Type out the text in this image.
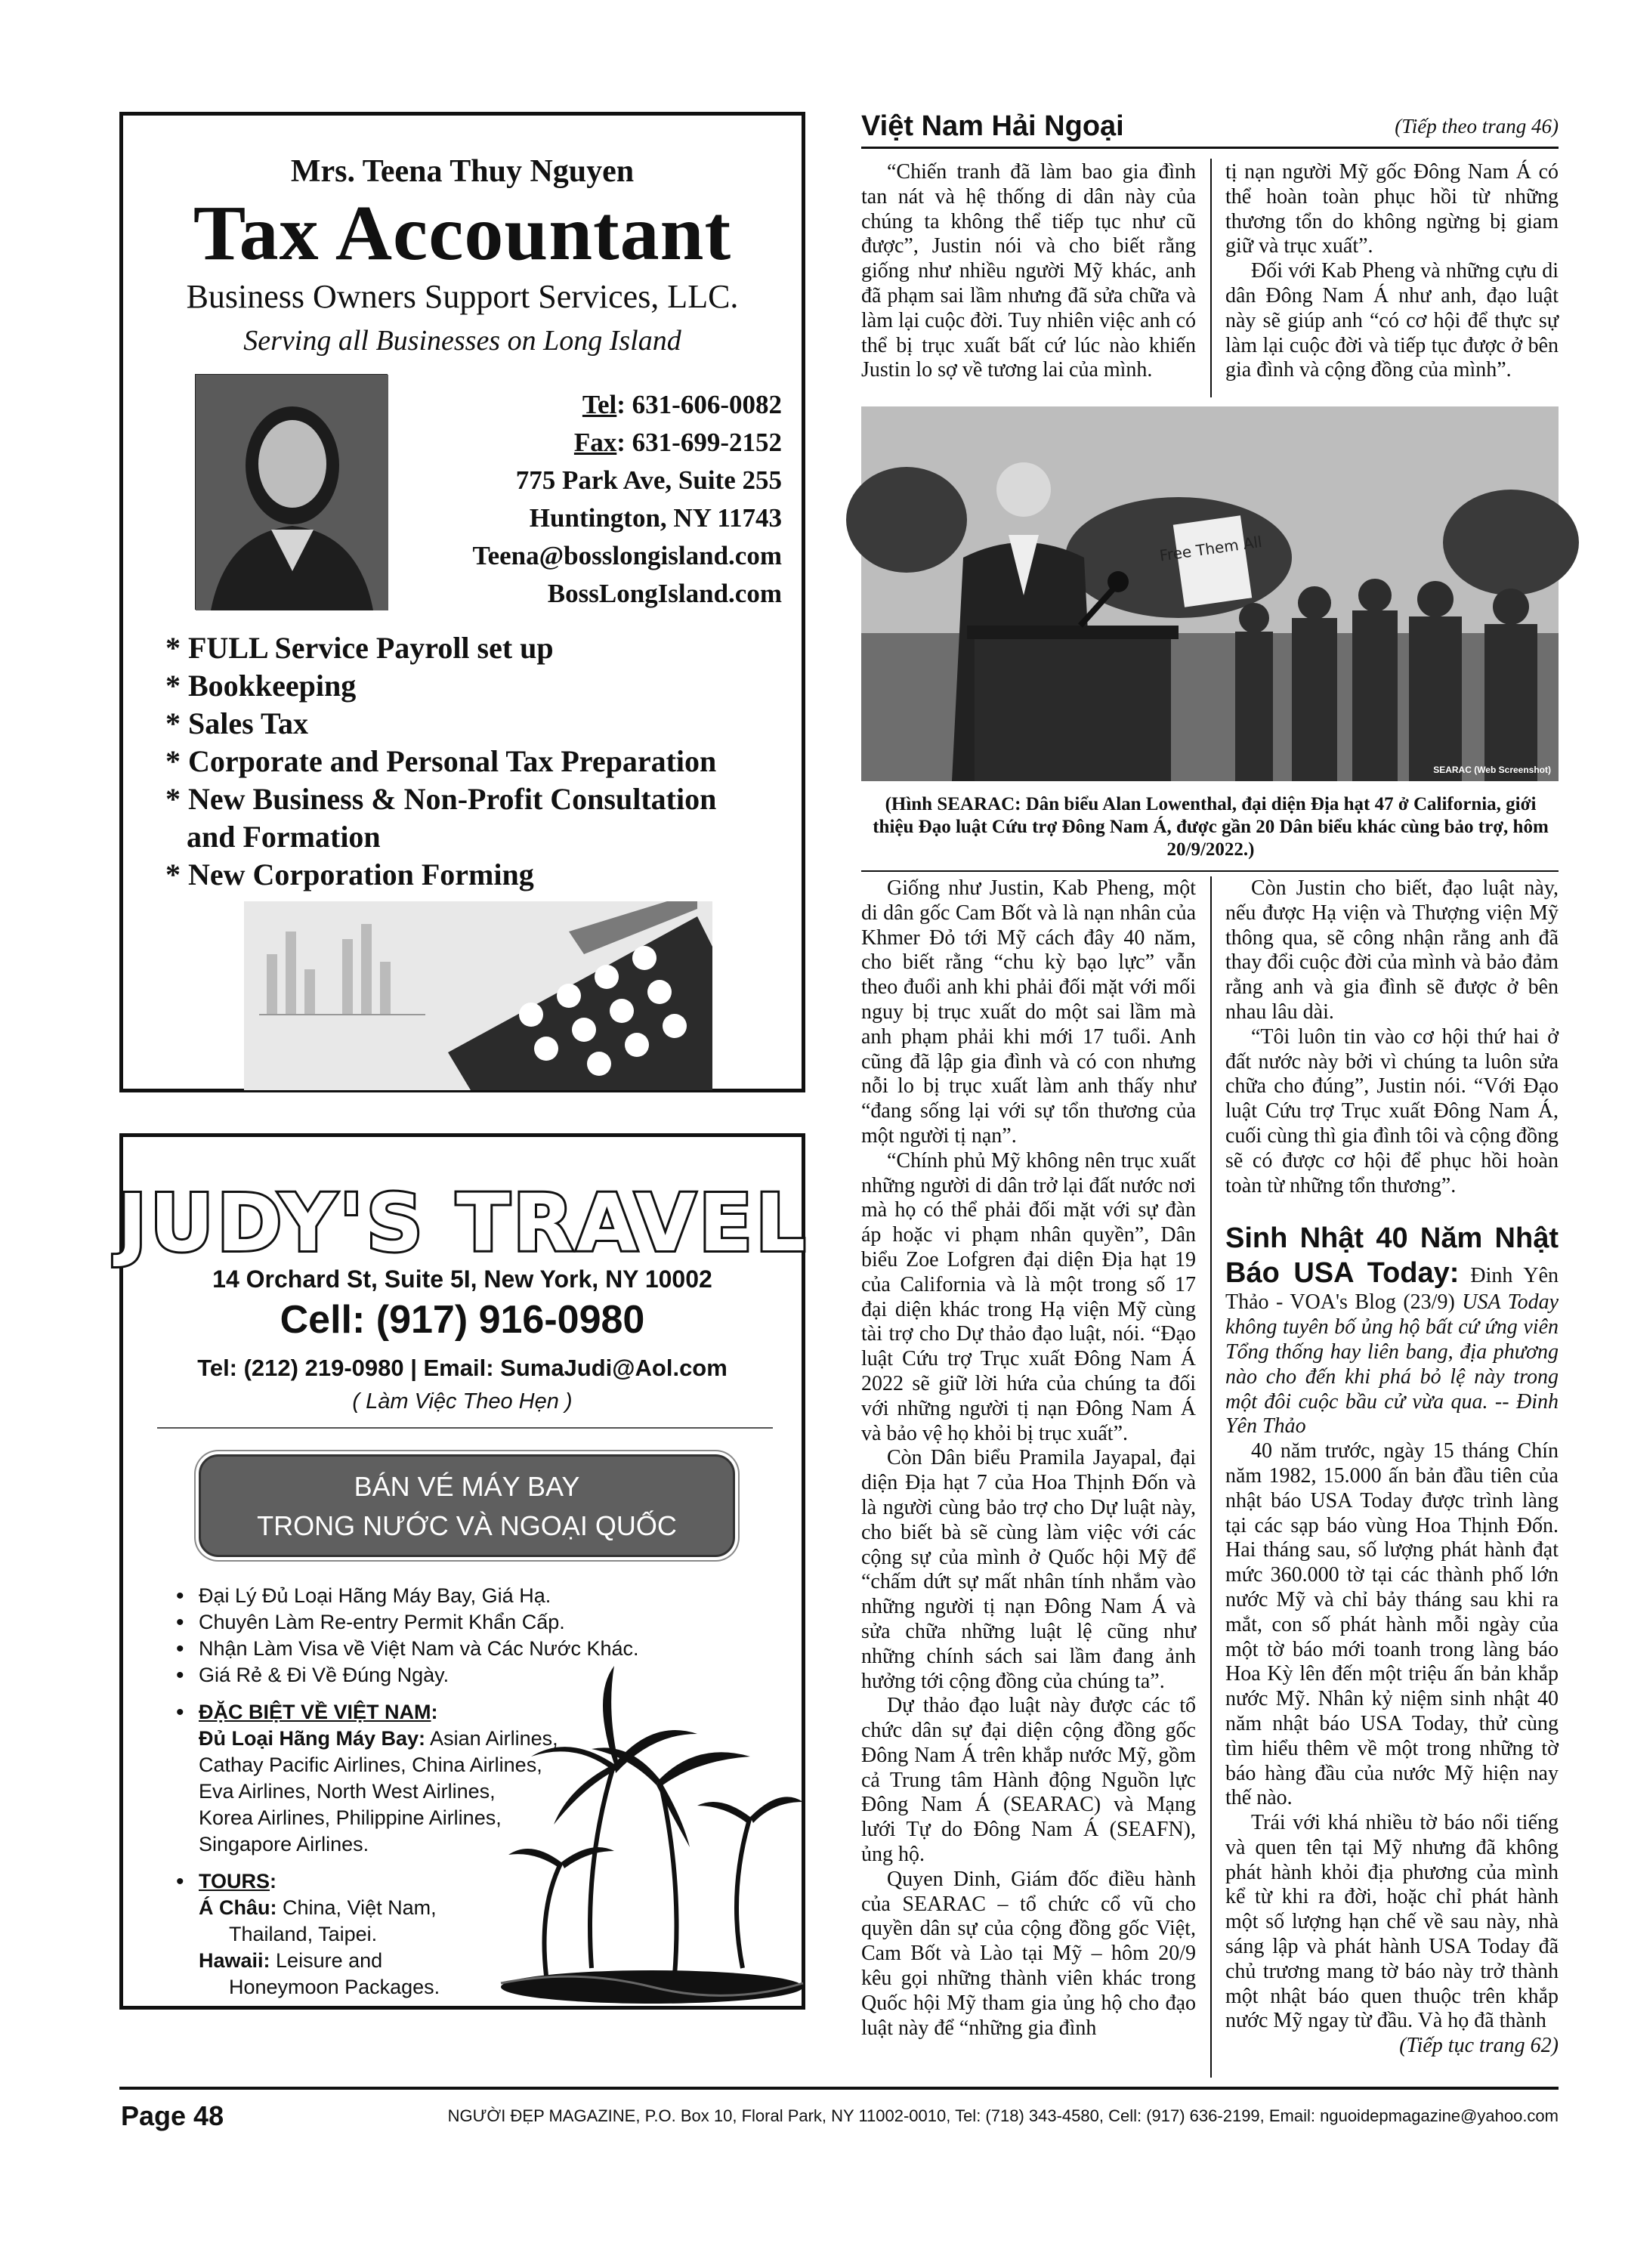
Mrs. Teena Thuy Nguyen
Tax Accountant
Business Owners Support Services, LLC.
Serving all Businesses on Long Island
Tel: 631-606-0082
Fax: 631-699-2152
775 Park Ave, Suite 255
Huntington, NY 11743
Teena@bosslongisland.com
BossLongIsland.com
* FULL Service Payroll set up
* Bookkeeping
* Sales Tax
* Corporate and Personal Tax Preparation
* New Business & Non-Profit Consultation
and Formation
* New Corporation Forming
JUDY'S TRAVEL
14 Orchard St, Suite 5I, New York, NY 10002
Cell: (917) 916-0980
Tel: (212) 219-0980 | Email: SumaJudi@Aol.com
( Làm Việc Theo Hẹn )
BÁN VÉ MÁY BAY
TRONG NƯỚC VÀ NGOẠI QUỐC
• Đại Lý Đủ Loại Hãng Máy Bay, Giá Hạ.
• Chuyên Làm Re-entry Permit Khẩn Cấp.
• Nhận Làm Visa về Việt Nam và Các Nước Khác.
• Giá Rẻ & Đi Về Đúng Ngày.
• ĐẶC BIỆT VỀ VIỆT NAM:
Đủ Loại Hãng Máy Bay: Asian Airlines,
Cathay Pacific Airlines, China Airlines,
Eva Airlines, North West Airlines,
Korea Airlines, Philippine Airlines,
Singapore Airlines.
• TOURS:
Á Châu: China, Việt Nam,
Thailand, Taipei.
Hawaii: Leisure and
Honeymoon Packages.
Việt Nam Hải Ngoại	(Tiếp theo trang 46)

“Chiến tranh đã làm bao gia đình tan nát và hệ thống di dân này của chúng ta không thể tiếp tục như cũ được”, Justin nói và cho biết rằng giống như nhiều người Mỹ khác, anh đã phạm sai lầm nhưng đã sửa chữa và làm lại cuộc đời. Tuy nhiên việc anh có thể bị trục xuất bất cứ lúc nào khiến Justin lo sợ về tương lai của mình.

tị nạn người Mỹ gốc Đông Nam Á có thể hoàn toàn phục hồi từ những thương tổn do không ngừng bị giam giữ và trục xuất”.

Đối với Kab Pheng và những cựu di dân Đông Nam Á như anh, đạo luật này sẽ giúp anh “có cơ hội để thực sự làm lại cuộc đời và tiếp tục được ở bên gia đình và cộng đồng của mình”.

Free Them All
SEARAC (Web Screenshot)
(Hình SEARAC: Dân biểu Alan Lowenthal, đại diện Địa hạt 47 ở California, giới thiệu Đạo luật Cứu trợ Đông Nam Á, được gần 20 Dân biểu khác cùng bảo trợ, hôm 20/9/2022.)

Giống như Justin, Kab Pheng, một di dân gốc Cam Bốt và là nạn nhân của Khmer Đỏ tới Mỹ cách đây 40 năm, cho biết rằng “chu kỳ bạo lực” vẫn theo đuổi anh khi phải đối mặt với mối nguy bị trục xuất do một sai lầm mà anh phạm phải khi mới 17 tuổi. Anh cũng đã lập gia đình và có con nhưng nỗi lo bị trục xuất làm anh thấy như “đang sống lại với sự tổn thương của một người tị nạn”.

“Chính phủ Mỹ không nên trục xuất những người di dân trở lại đất nước nơi mà họ có thể phải đối mặt với sự đàn áp hoặc vi phạm nhân quyền”, Dân biểu Zoe Lofgren đại diện Địa hạt 19 của California và là một trong số 17 đại diện khác trong Hạ viện Mỹ cùng tài trợ cho Dự thảo đạo luật, nói. “Đạo luật Cứu trợ Trục xuất Đông Nam Á 2022 sẽ giữ lời hứa của chúng ta đối với những người tị nạn Đông Nam Á và bảo vệ họ khỏi bị trục xuất”.

Còn Dân biểu Pramila Jayapal, đại diện Địa hạt 7 của Hoa Thịnh Đốn và là người cùng bảo trợ cho Dự luật này, cho biết bà sẽ cùng làm việc với các cộng sự của mình ở Quốc hội Mỹ để “chấm dứt sự mất nhân tính nhắm vào những người tị nạn Đông Nam Á và sửa chữa những luật lệ cũng như những chính sách sai lầm đang ảnh hưởng tới cộng đồng của chúng ta”.

Dự thảo đạo luật này được các tổ chức dân sự đại diện cộng đồng gốc Đông Nam Á trên khắp nước Mỹ, gồm cả Trung tâm Hành động Nguồn lực Đông Nam Á (SEARAC) và Mạng lưới Tự do Đông Nam Á (SEAFN), ủng hộ.

Quyen Dinh, Giám đốc điều hành của SEARAC – tổ chức cổ vũ cho quyền dân sự của cộng đồng gốc Việt, Cam Bốt và Lào tại Mỹ – hôm 20/9 kêu gọi những thành viên khác trong Quốc hội Mỹ tham gia ủng hộ cho đạo luật này để “những gia đình

Còn Justin cho biết, đạo luật này, nếu được Hạ viện và Thượng viện Mỹ thông qua, sẽ công nhận rằng anh đã thay đổi cuộc đời của mình và bảo đảm rằng anh và gia đình sẽ được ở bên nhau lâu dài.

“Tôi luôn tin vào cơ hội thứ hai ở đất nước này bởi vì chúng ta luôn sửa chữa cho đúng”, Justin nói. “Với Đạo luật Cứu trợ Trục xuất Đông Nam Á, cuối cùng thì gia đình tôi và cộng đồng sẽ có được cơ hội để phục hồi hoàn toàn từ những tổn thương”.

Sinh Nhật 40 Năm Nhật Báo USA Today: Đinh Yên Thảo - VOA's Blog (23/9) USA Today không tuyên bố ủng hộ bất cứ ứng viên Tổng thống hay liên bang, địa phương nào cho đến khi phá bỏ lệ này trong một đôi cuộc bầu cử vừa qua. -- Đinh Yên Thảo

40 năm trước, ngày 15 tháng Chín năm 1982, 15.000 ấn bản đầu tiên của nhật báo USA Today được trình làng tại các sạp báo vùng Hoa Thịnh Đốn. Hai tháng sau, số lượng phát hành đạt mức 360.000 tờ tại các thành phố lớn nước Mỹ và chỉ bảy tháng sau khi ra mắt, con số phát hành mỗi ngày của một tờ báo mới toanh trong làng báo Hoa Kỳ lên đến một triệu ấn bản khắp nước Mỹ. Nhân kỷ niệm sinh nhật 40 năm nhật báo USA Today, thử cùng tìm hiểu thêm về một trong những tờ báo hàng đầu của nước Mỹ hiện nay thế nào.

Trái với khá nhiều tờ báo nổi tiếng và quen tên tại Mỹ nhưng đã không phát hành khỏi địa phương của mình kể từ khi ra đời, hoặc chỉ phát hành một số lượng hạn chế về sau này, nhà sáng lập và phát hành USA Today đã chủ trương mang tờ báo này trở thành một nhật báo quen thuộc trên khắp nước Mỹ ngay từ đầu. Và họ đã thành

(Tiếp tục trang 62)
Page 48	NGƯỜI ĐẸP MAGAZINE, P.O. Box 10, Floral Park, NY 11002-0010, Tel: (718) 343-4580, Cell: (917) 636-2199, Email: nguoidepmagazine@yahoo.com
